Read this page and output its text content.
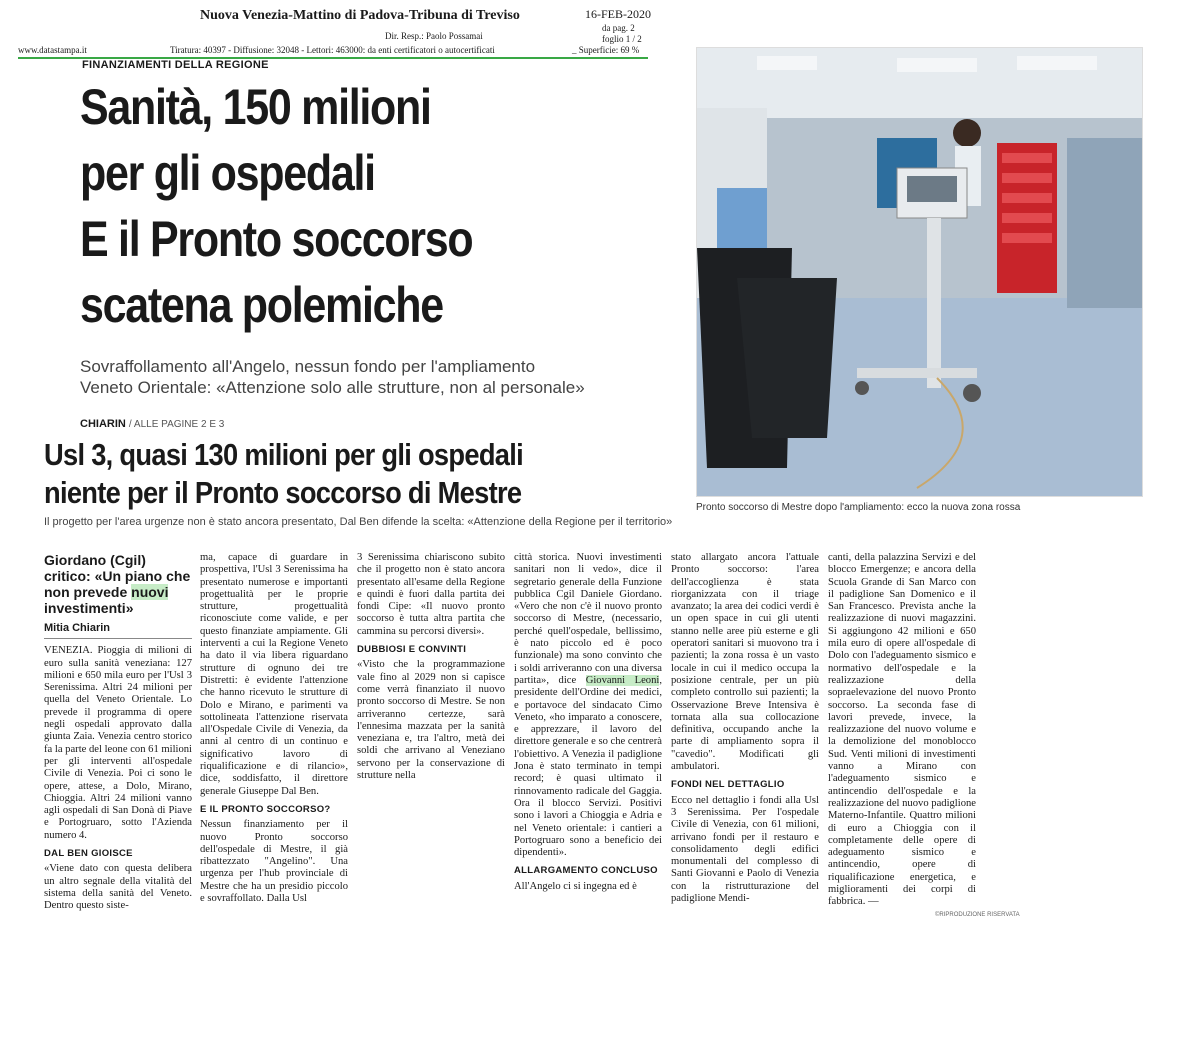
Nuova Venezia-Mattino di Padova-Tribuna di Treviso	16-FEB-2020
da pag. 2
foglio 1 / 2
Dir. Resp.: Paolo Possamai
www.datastampa.it	Tiratura: 40397 - Diffusione: 32048 - Lettori: 463000: da enti certificatori o autocertificati	_ Superficie: 69 %
FINANZIAMENTI DELLA REGIONE
Sanità, 150 milioni
per gli ospedali
E il Pronto soccorso
scatena polemiche
Sovraffollamento all'Angelo, nessun fondo per l'ampliamento
Veneto Orientale: «Attenzione solo alle strutture, non al personale»
CHIARIN / ALLE PAGINE 2 E 3
Usl 3, quasi 130 milioni per gli ospedali
niente per il Pronto soccorso di Mestre
Il progetto per l'area urgenze non è stato ancora presentato, Dal Ben difende la scelta: «Attenzione della Regione per il territorio»
Pronto soccorso di Mestre dopo l'ampliamento: ecco la nuova zona rossa
Giordano (Cgil) critico: «Un piano che non prevede nuovi investimenti»
Mitia Chiarin

VENEZIA. Pioggia di milioni di euro sulla sanità veneziana: 127 milioni e 650 mila euro per l'Usl 3 Serenissima. Altri 24 milioni per quella del Veneto Orientale. Lo prevede il programma di opere negli ospedali approvato dalla giunta Zaia. Venezia centro storico fa la parte del leone con 61 milioni per gli interventi all'ospedale Civile di Venezia. Poi ci sono le opere, attese, a Dolo, Mirano, Chioggia. Altri 24 milioni vanno agli ospedali di San Donà di Piave e Portogruaro, sotto l'Azienda numero 4.

DAL BEN GIOISCE

«Viene dato con questa delibera un altro segnale della vitalità del sistema della sanità del Veneto. Dentro questo siste-

ma, capace di guardare in prospettiva, l'Usl 3 Serenissima ha presentato numerose e importanti progettualità per le proprie strutture, progettualità riconosciute come valide, e per questo finanziate ampiamente. Gli interventi a cui la Regione Veneto ha dato il via libera riguardano strutture di ognuno dei tre Distretti: è evidente l'attenzione che hanno ricevuto le strutture di Dolo e Mirano, e parimenti va sottolineata l'attenzione riservata all'Ospedale Civile di Venezia, da anni al centro di un continuo e significativo lavoro di riqualificazione e di rilancio», dice, soddisfatto, il direttore generale Giuseppe Dal Ben.

E IL PRONTO SOCCORSO?

Nessun finanziamento per il nuovo Pronto soccorso dell'ospedale di Mestre, il già ribattezzato "Angelino". Una urgenza per l'hub provinciale di Mestre che ha un presidio piccolo e sovraffollato. Dalla Usl

3 Serenissima chiariscono subito che il progetto non è stato ancora presentato all'esame della Regione e quindi è fuori dalla partita dei fondi Cipe: «Il nuovo pronto soccorso è tutta altra partita che cammina su percorsi diversi».

DUBBIOSI E CONVINTI

«Visto che la programmazione vale fino al 2029 non si capisce come verrà finanziato il nuovo pronto soccorso di Mestre. Se non arriveranno certezze, sarà l'ennesima mazzata per la sanità veneziana e, tra l'altro, metà dei soldi che arrivano al Veneziano servono per la conservazione di strutture nella

città storica. Nuovi investimenti sanitari non li vedo», dice il segretario generale della Funzione pubblica Cgil Daniele Giordano. «Vero che non c'è il nuovo pronto soccorso di Mestre, (necessario, perché quell'ospedale, bellissimo, è nato piccolo ed è poco funzionale) ma sono convinto che i soldi arriveranno con una diversa partita», dice Giovanni Leoni, presidente dell'Ordine dei medici, e portavoce del sindacato Cimo Veneto, «ho imparato a conoscere, e apprezzare, il lavoro del direttore generale e so che centrerà l'obiettivo. A Venezia il padiglione Jona è stato terminato in tempi record; è quasi ultimato il rinnovamento radicale del Gaggia. Ora il blocco Servizi. Positivi sono i lavori a Chioggia e Adria e nel Veneto orientale: i cantieri a Portogruaro sono a beneficio dei dipendenti».

ALLARGAMENTO CONCLUSO

All'Angelo ci si ingegna ed è

stato allargato ancora l'attuale Pronto soccorso: l'area dell'accoglienza è stata riorganizzata con il triage avanzato; la area dei codici verdi è un open space in cui gli utenti stanno nelle aree più esterne e gli operatori sanitari si muovono tra i pazienti; la zona rossa è un vasto locale in cui il medico occupa la posizione centrale, per un più completo controllo sui pazienti; la Osservazione Breve Intensiva è tornata alla sua collocazione definitiva, occupando anche la parte di ampliamento sopra il "cavedio". Modificati gli ambulatori.

FONDI NEL DETTAGLIO

Ecco nel dettaglio i fondi alla Usl 3 Serenissima. Per l'ospedale Civile di Venezia, con 61 milioni, arrivano fondi per il restauro e consolidamento degli edifici monumentali del complesso di Santi Giovanni e Paolo di Venezia con la ristrutturazione del padiglione Mendi-

canti, della palazzina Servizi e del blocco Emergenze; e ancora della Scuola Grande di San Marco con il padiglione San Domenico e il San Francesco. Prevista anche la realizzazione di nuovi magazzini. Si aggiungono 42 milioni e 650 mila euro di opere all'ospedale di Dolo con l'adeguamento sismico e normativo dell'ospedale e la realizzazione della sopraelevazione del nuovo Pronto soccorso. La seconda fase di lavori prevede, invece, la realizzazione del nuovo volume e la demolizione del monoblocco Sud. Venti milioni di investimenti vanno a Mirano con l'adeguamento sismico e antincendio dell'ospedale e la realizzazione del nuovo padiglione Materno-Infantile. Quattro milioni di euro a Chioggia con il completamente delle opere di adeguamento sismico e antincendio, opere di riqualificazione energetica, e miglioramenti dei corpi di fabbrica. —

©RIPRODUZIONE RISERVATA
